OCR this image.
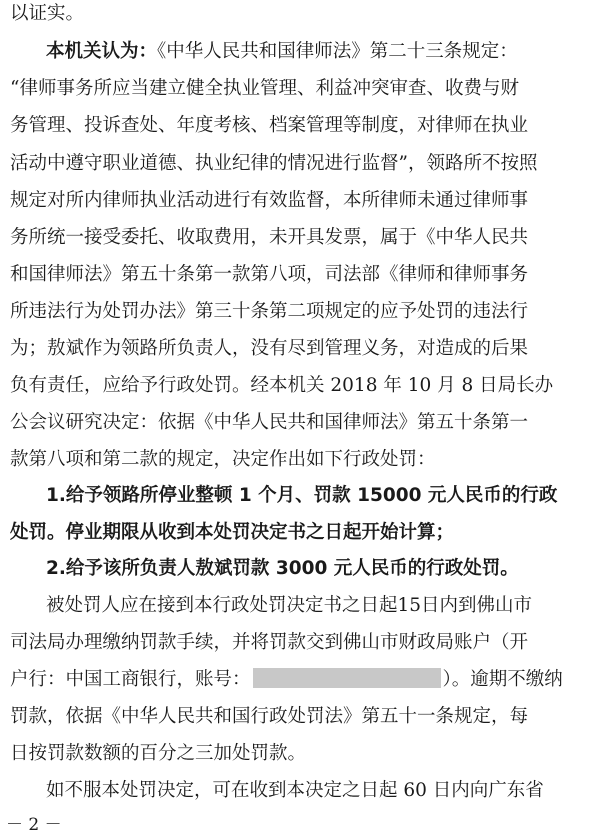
以证实。
本机关认为：《中华人民共和国律师法》第二十三条规定：
“律师事务所应当建立健全执业管理、利益冲突审查、收费与财
务管理、投诉查处、年度考核、档案管理等制度，对律师在执业
活动中遵守职业道德、执业纪律的情况进行监督”，领路所不按照
规定对所内律师执业活动进行有效监督，本所律师未通过律师事
务所统一接受委托、收取费用，未开具发票，属于《中华人民共
和国律师法》第五十条第一款第八项，司法部《律师和律师事务
所违法行为处罚办法》第三十条第二项规定的应予处罚的违法行
为；敖斌作为领路所负责人，没有尽到管理义务，对造成的后果
负有责任，应给予行政处罚。经本机关 2018 年 10 月 8 日局长办
公会议研究决定：依据《中华人民共和国律师法》第五十条第一
款第八项和第二款的规定，决定作出如下行政处罚：
1.给予领路所停业整顿 1 个月、罚款 15000 元人民币的行政
处罚。停业期限从收到本处罚决定书之日起开始计算；
2.给予该所负责人敖斌罚款 3000 元人民币的行政处罚。
被处罚人应在接到本行政处罚决定书之日起15日内到佛山市
司法局办理缴纳罚款手续，并将罚款交到佛山市财政局账户（开
户行：中国工商银行，账号：	）。逾期不缴纳
罚款，依据《中华人民共和国行政处罚法》第五十一条规定，每
日按罚款数额的百分之三加处罚款。
如不服本处罚决定，可在收到本决定之日起 60 日内向广东省
－ 2 －
